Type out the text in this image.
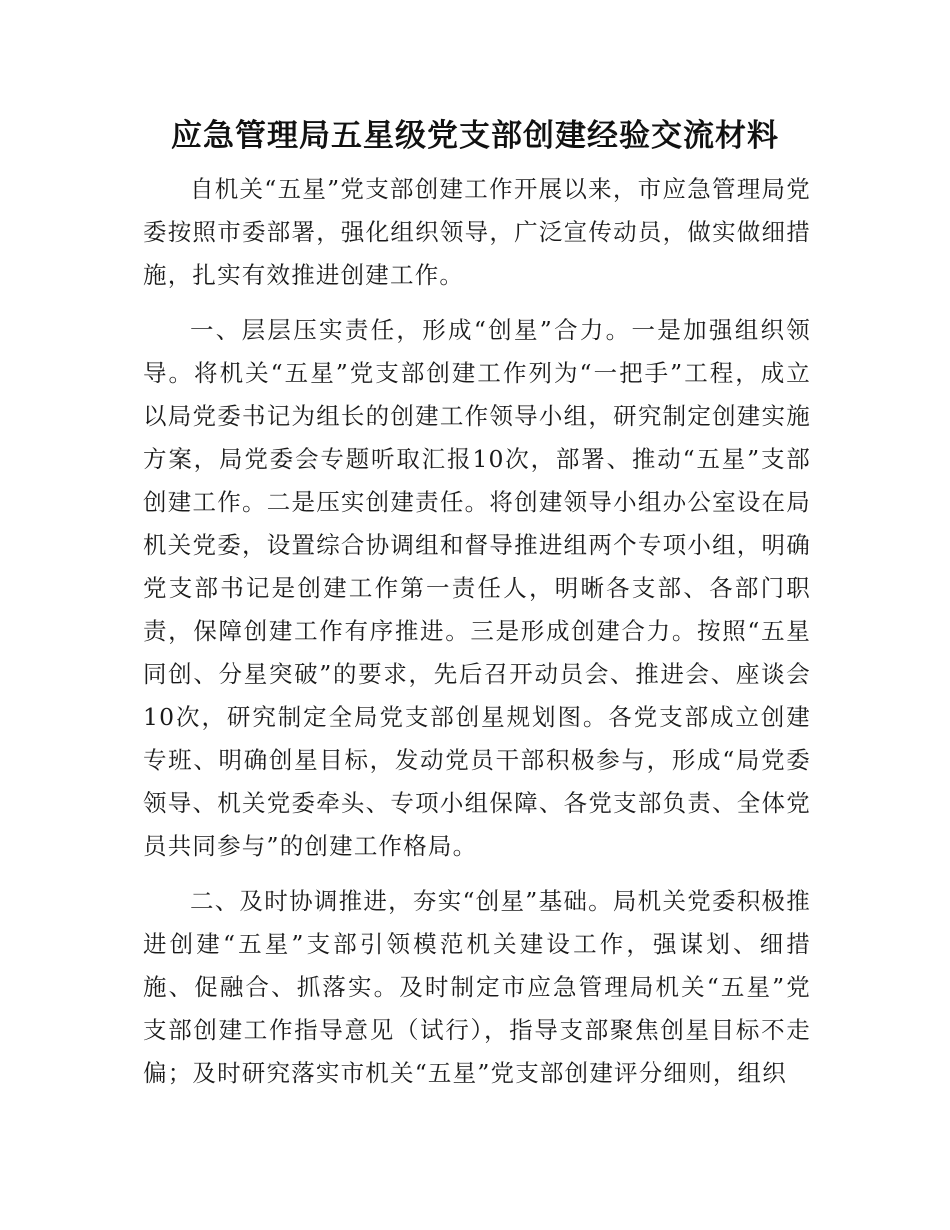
应急管理局五星级党支部创建经验交流材料

自机关“五星”党支部创建工作开展以来，市应急管理局党委按照市委部署，强化组织领导，广泛宣传动员，做实做细措施，扎实有效推进创建工作。

一、层层压实责任，形成“创星”合力。一是加强组织领导。将机关“五星”党支部创建工作列为“一把手”工程，成立以局党委书记为组长的创建工作领导小组，研究制定创建实施方案，局党委会专题听取汇报10次，部署、推动“五星”支部创建工作。二是压实创建责任。将创建领导小组办公室设在局机关党委，设置综合协调组和督导推进组两个专项小组，明确党支部书记是创建工作第一责任人，明晰各支部、各部门职责，保障创建工作有序推进。三是形成创建合力。按照“五星同创、分星突破”的要求，先后召开动员会、推进会、座谈会10次，研究制定全局党支部创星规划图。各党支部成立创建专班、明确创星目标，发动党员干部积极参与，形成“局党委领导、机关党委牵头、专项小组保障、各党支部负责、全体党员共同参与”的创建工作格局。

二、及时协调推进，夯实“创星”基础。局机关党委积极推进创建“五星”支部引领模范机关建设工作，强谋划、细措施、促融合、抓落实。及时制定市应急管理局机关“五星”党支部创建工作指导意见（试行），指导支部聚焦创星目标不走偏；及时研究落实市机关“五星”党支部创建评分细则，组织
